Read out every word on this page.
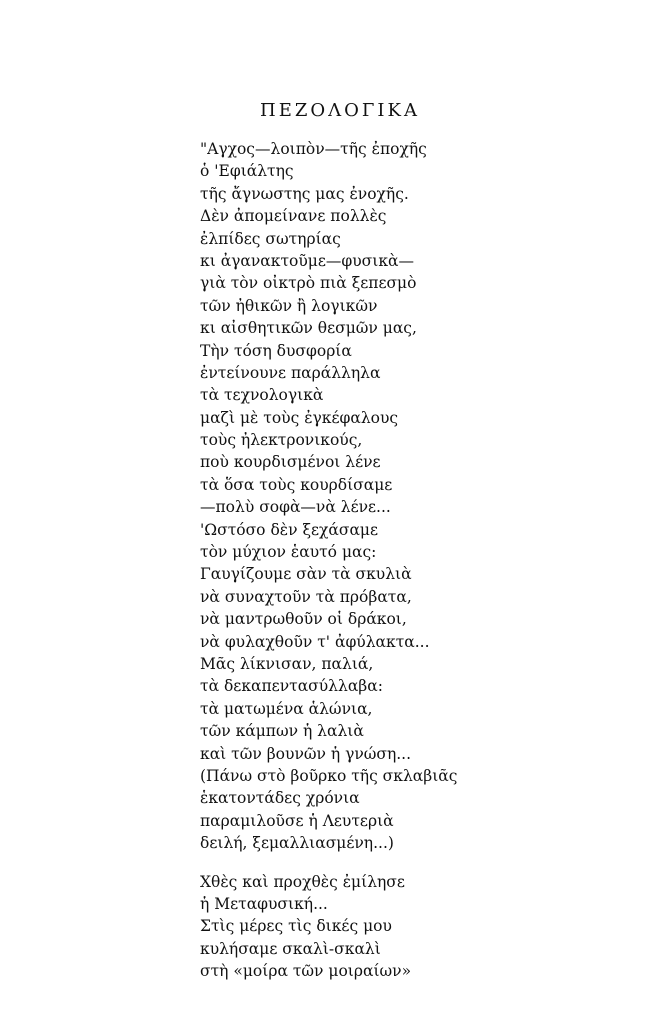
ΠΕΖΟΛΟΓΙΚΑ
"Αγχος—λοιπὸν—τῆς ἐποχῆς
ὁ 'Εφιάλτης
τῆς ἄγνωστης μας ἐνοχῆς.
Δὲν ἀπομείνανε πολλὲς
ἐλπίδες σωτηρίας
κι ἀγανακτοῦμε—φυσικὰ—
γιὰ τὸν οἰκτρὸ πιὰ ξεπεσμὸ
τῶν ἠθικῶν ἢ λογικῶν
κι αἰσθητικῶν θεσμῶν μας,
Τὴν τόση δυσφορία
ἐντείνουνε παράλληλα
τὰ τεχνολογικὰ
μαζὶ μὲ τοὺς ἐγκέφαλους
τοὺς ἠλεκτρονικούς,
ποὺ κουρδισμένοι λένε
τὰ ὅσα τοὺς κουρδίσαμε
—πολὺ σοφὰ—νὰ λένε...
'Ωστόσο δὲν ξεχάσαμε
τὸν μύχιον ἑαυτό μας:
Γαυγίζουμε σὰν τὰ σκυλιὰ
νὰ συναχτοῦν τὰ πρόβατα,
νὰ μαντρωθοῦν οἱ δράκοι,
νὰ φυλαχθοῦν τ' ἀφύλακτα...
Μᾶς λίκνισαν, παλιά,
τὰ δεκαπεντασύλλαβα:
τὰ ματωμένα ἁλώνια,
τῶν κάμπων ἡ λαλιὰ
καὶ τῶν βουνῶν ἡ γνώση...
(Πάνω στὸ βοῦρκο τῆς σκλαβιᾶς
ἑκατοντάδες χρόνια
παραμιλοῦσε ἡ Λευτεριὰ
δειλή, ξεμαλλιασμένη...)
Χθὲς καὶ προχθὲς ἐμίλησε
ἡ Μεταφυσική...
Στὶς μέρες τὶς δικές μου
κυλήσαμε σκαλὶ-σκαλὶ
στὴ «μοίρα τῶν μοιραίων»
